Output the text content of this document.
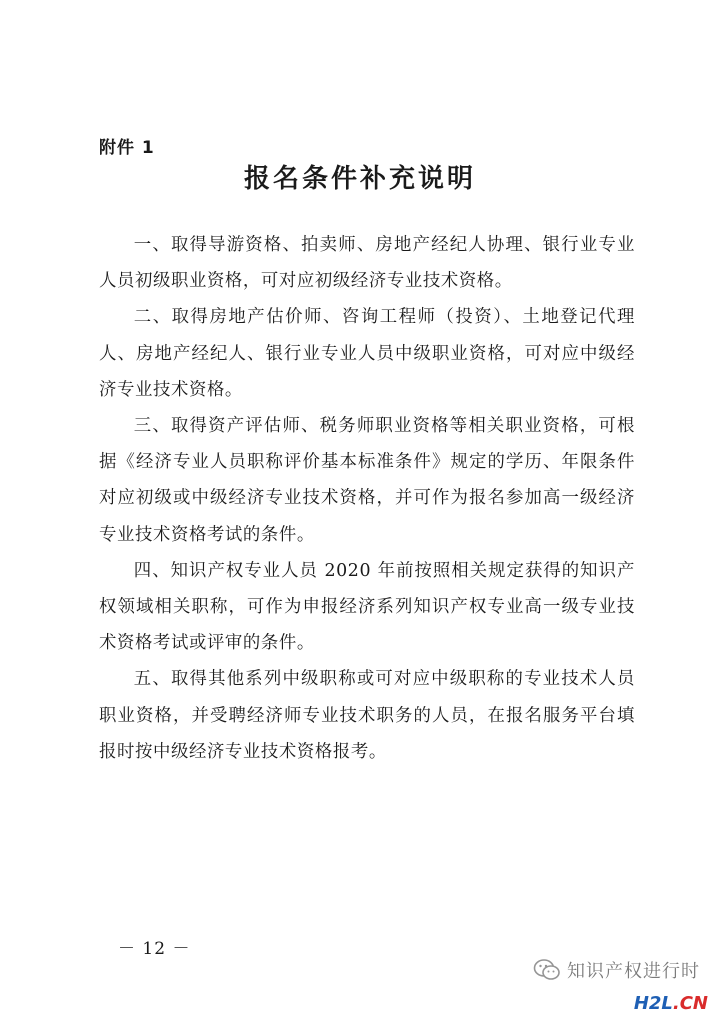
附件 1
报名条件补充说明

一、取得导游资格、拍卖师、房地产经纪人协理、银行业专业人员初级职业资格，可对应初级经济专业技术资格。

二、取得房地产估价师、咨询工程师（投资）、土地登记代理人、房地产经纪人、银行业专业人员中级职业资格，可对应中级经济专业技术资格。

三、取得资产评估师、税务师职业资格等相关职业资格，可根据《经济专业人员职称评价基本标准条件》规定的学历、年限条件对应初级或中级经济专业技术资格，并可作为报名参加高一级经济专业技术资格考试的条件。

四、知识产权专业人员 2020 年前按照相关规定获得的知识产权领域相关职称，可作为申报经济系列知识产权专业高一级专业技术资格考试或评审的条件。

五、取得其他系列中级职称或可对应中级职称的专业技术人员职业资格，并受聘经济师专业技术职务的人员，在报名服务平台填报时按中级经济专业技术资格报考。

－ 12 －
知识产权进行时
H2L.CN
